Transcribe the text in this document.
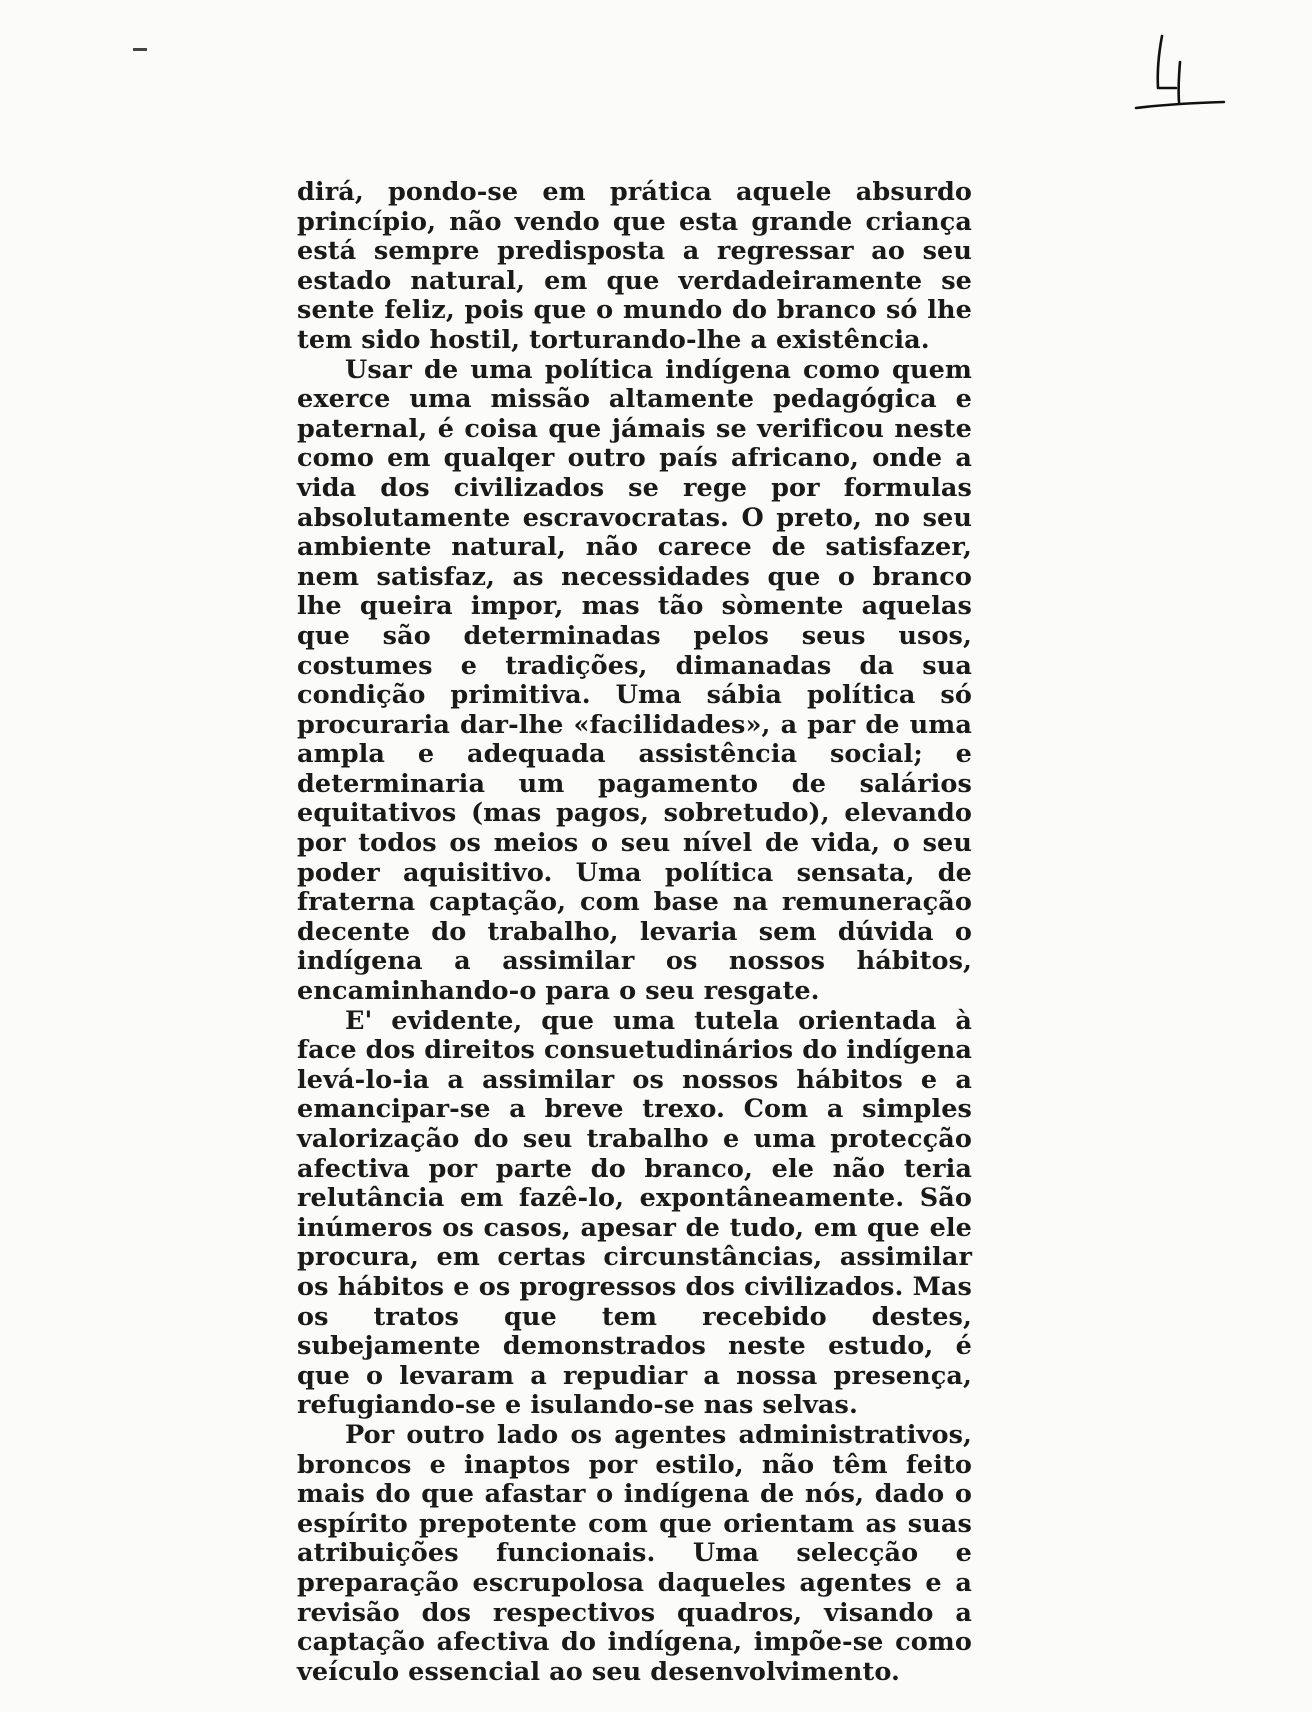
dirá, pondo-se em prática aquele absurdo princípio, não vendo que esta grande criança está sempre predisposta a regressar ao seu estado natural, em que verdadeiramente se sente feliz, pois que o mundo do branco só lhe tem sido hostil, torturando-lhe a existência.

Usar de uma política indígena como quem exerce uma missão altamente pedagógica e paternal, é coisa que jámais se verificou neste como em qualqer outro país africano, onde a vida dos civilizados se rege por formulas absolutamente escravocratas. O preto, no seu ambiente natural, não carece de satisfazer, nem satisfaz, as necessidades que o branco lhe queira impor, mas tão sòmente aquelas que são determinadas pelos seus usos, costumes e tradições, dimanadas da sua condição primitiva. Uma sábia política só procuraria dar-lhe «facilidades», a par de uma ampla e adequada assistência social; e determinaria um pagamento de salários equitativos (mas pagos, sobretudo), elevando por todos os meios o seu nível de vida, o seu poder aquisitivo. Uma política sensata, de fraterna captação, com base na remuneração decente do trabalho, levaria sem dúvida o indígena a assimilar os nossos hábitos, encaminhando-o para o seu resgate.

E' evidente, que uma tutela orientada à face dos direitos consuetudinários do indígena levá-lo-ia a assimilar os nossos hábitos e a emancipar-se a breve trexo. Com a simples valorização do seu trabalho e uma protecção afectiva por parte do branco, ele não teria relutância em fazê-lo, expontâneamente. São inúmeros os casos, apesar de tudo, em que ele procura, em certas circunstâncias, assimilar os hábitos e os progressos dos civilizados. Mas os tratos que tem recebido destes, subejamente demonstrados neste estudo, é que o levaram a repudiar a nossa presença, refugiando-se e isulando-se nas selvas.

Por outro lado os agentes administrativos, broncos e inaptos por estilo, não têm feito mais do que afastar o indígena de nós, dado o espírito prepotente com que orientam as suas atribuições funcionais. Uma selecção e preparação escrupolosa daqueles agentes e a revisão dos respectivos quadros, visando a captação afectiva do indígena, impõe-se como veículo essencial ao seu desenvolvimento.
